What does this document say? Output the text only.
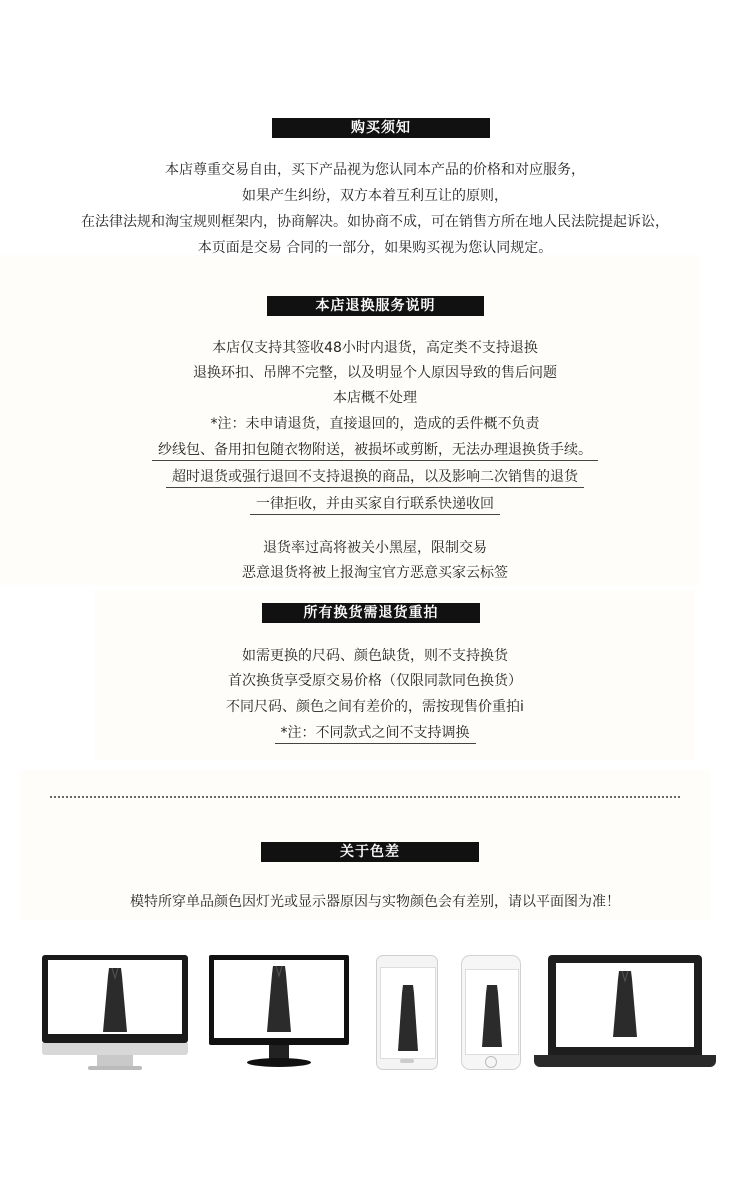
购买须知
本店尊重交易自由，买下产品视为您认同本产品的价格和对应服务，
如果产生纠纷，双方本着互利互让的原则，
在法律法规和淘宝规则框架内，协商解决。如协商不成，可在销售方所在地人民法院提起诉讼，
本页面是交易 合同的一部分，如果购买视为您认同规定。
本店退换服务说明
本店仅支持其签收48小时内退货，高定类不支持退换
退换环扣、吊牌不完整，以及明显个人原因导致的售后问题
本店概不处理
*注：未申请退货，直接退回的，造成的丢件概不负责
纱线包、备用扣包随衣物附送，被损坏或剪断，无法办理退换货手续。
超时退货或强行退回不支持退换的商品，以及影响二次销售的退货
一律拒收，并由买家自行联系快递收回
退货率过高将被关小黑屋，限制交易
恶意退货将被上报淘宝官方恶意买家云标签
所有换货需退货重拍
如需更换的尺码、颜色缺货，则不支持换货
首次换货享受原交易价格（仅限同款同色换货）
不同尺码、颜色之间有差价的，需按现售价重拍i
*注：不同款式之间不支持调换
关于色差
模特所穿单品颜色因灯光或显示器原因与实物颜色会有差别，请以平面图为准！
